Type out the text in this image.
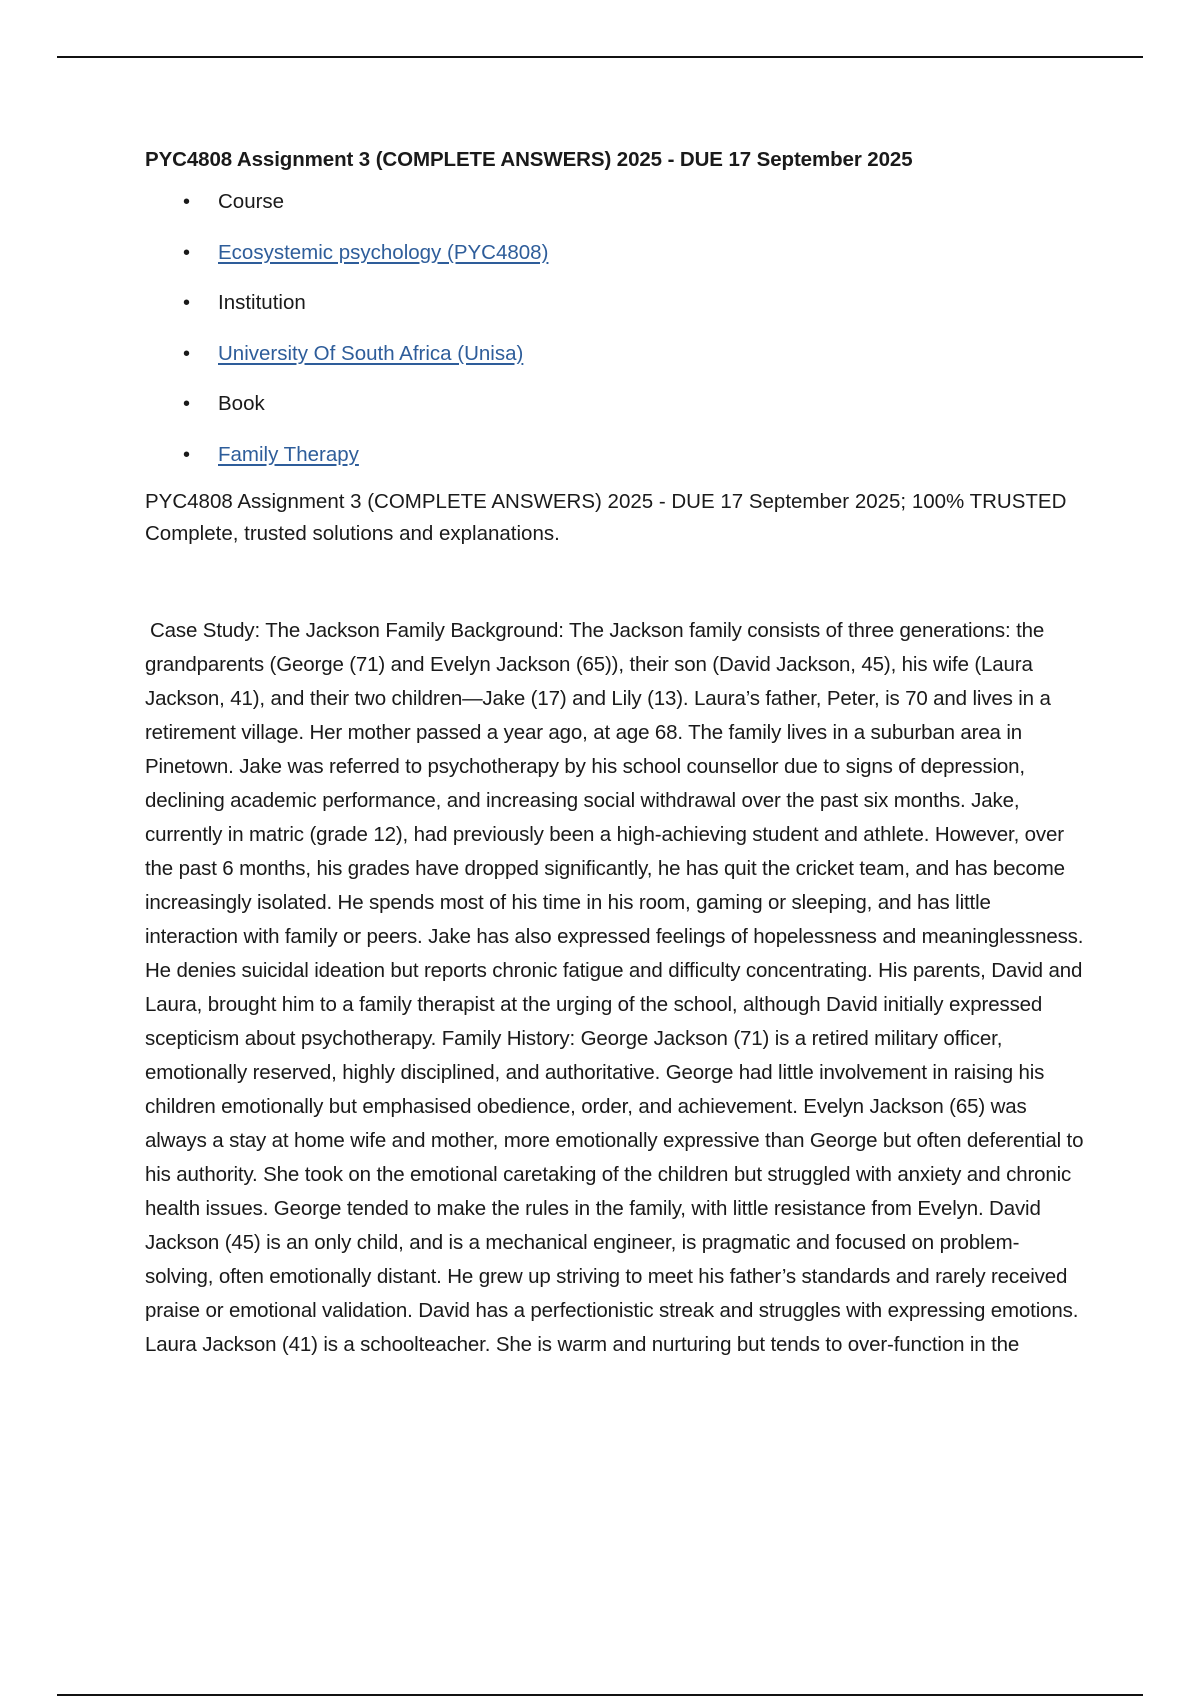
PYC4808 Assignment 3 (COMPLETE ANSWERS) 2025 - DUE 17 September 2025
• Course
• Ecosystemic psychology (PYC4808)
• Institution
• University Of South Africa (Unisa)
• Book
• Family Therapy

PYC4808 Assignment 3 (COMPLETE ANSWERS) 2025 - DUE 17 September 2025; 100% TRUSTED Complete, trusted solutions and explanations.

Case Study: The Jackson Family Background: The Jackson family consists of three generations: the grandparents (George (71) and Evelyn Jackson (65)), their son (David Jackson, 45), his wife (Laura Jackson, 41), and their two children—Jake (17) and Lily (13). Laura’s father, Peter, is 70 and lives in a retirement village. Her mother passed a year ago, at age 68. The family lives in a suburban area in Pinetown. Jake was referred to psychotherapy by his school counsellor due to signs of depression, declining academic performance, and increasing social withdrawal over the past six months. Jake, currently in matric (grade 12), had previously been a high-achieving student and athlete. However, over the past 6 months, his grades have dropped significantly, he has quit the cricket team, and has become increasingly isolated. He spends most of his time in his room, gaming or sleeping, and has little interaction with family or peers. Jake has also expressed feelings of hopelessness and meaninglessness. He denies suicidal ideation but reports chronic fatigue and difficulty concentrating. His parents, David and Laura, brought him to a family therapist at the urging of the school, although David initially expressed scepticism about psychotherapy. Family History: George Jackson (71) is a retired military officer, emotionally reserved, highly disciplined, and authoritative. George had little involvement in raising his children emotionally but emphasised obedience, order, and achievement. Evelyn Jackson (65) was always a stay at home wife and mother, more emotionally expressive than George but often deferential to his authority. She took on the emotional caretaking of the children but struggled with anxiety and chronic health issues. George tended to make the rules in the family, with little resistance from Evelyn. David Jackson (45) is an only child, and is a mechanical engineer, is pragmatic and focused on problem-solving, often emotionally distant. He grew up striving to meet his father’s standards and rarely received praise or emotional validation. David has a perfectionistic streak and struggles with expressing emotions. Laura Jackson (41) is a schoolteacher. She is warm and nurturing but tends to over-function in the
